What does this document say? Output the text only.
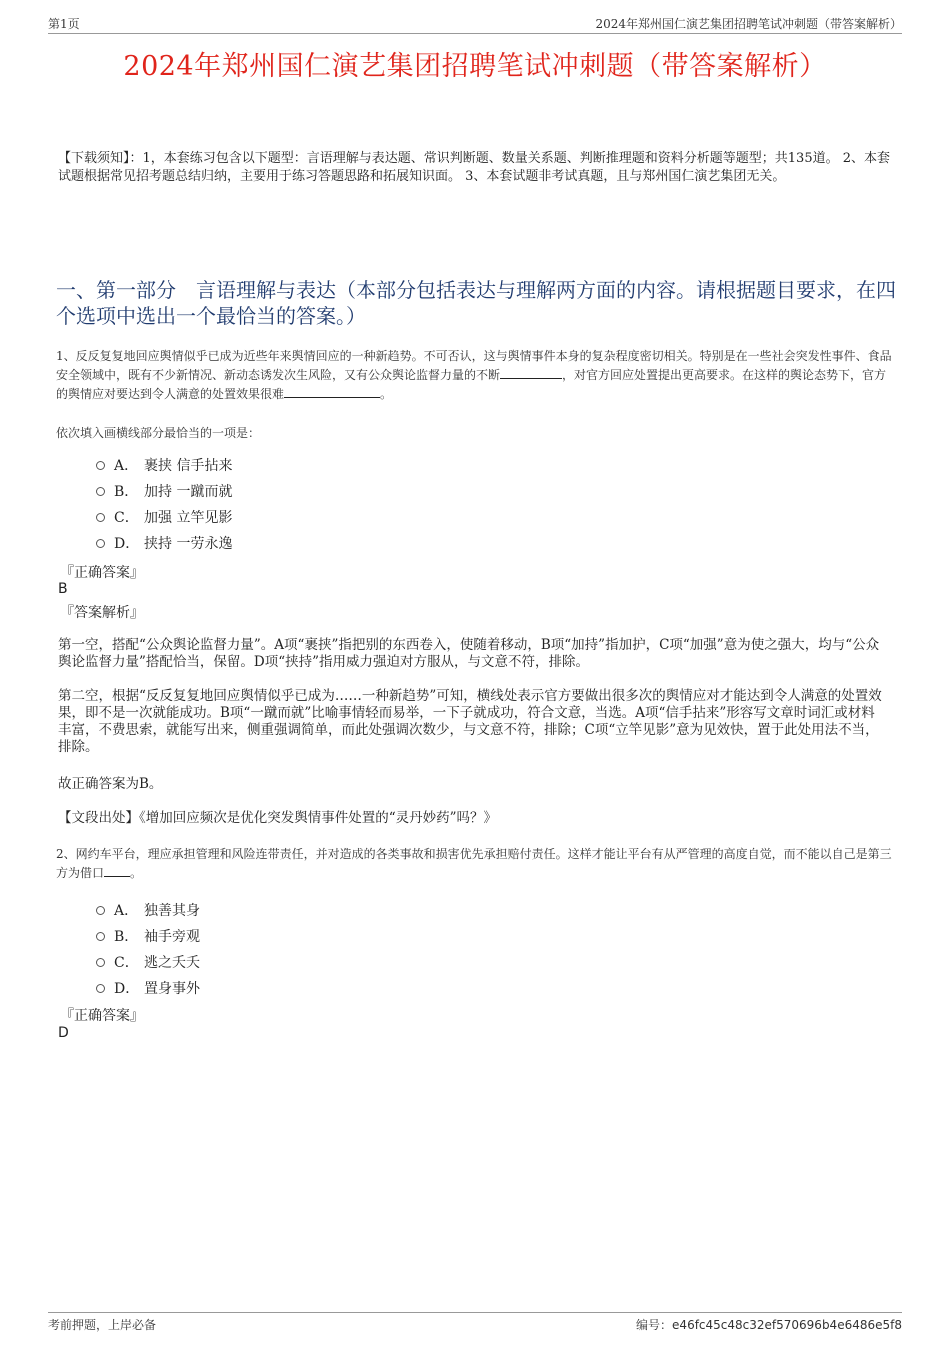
第1页	2024年郑州国仁演艺集团招聘笔试冲刺题（带答案解析）
2024年郑州国仁演艺集团招聘笔试冲刺题（带答案解析）
【下载须知】：1，本套练习包含以下题型：言语理解与表达题、常识判断题、数量关系题、判断推理题和资料分析题等题型；共135道。 2、本套试题根据常见招考题总结归纳，主要用于练习答题思路和拓展知识面。 3、本套试题非考试真题，且与郑州国仁演艺集团无关。
一、第一部分　言语理解与表达（本部分包括表达与理解两方面的内容。请根据题目要求，在四个选项中选出一个最恰当的答案。）
1、反反复复地回应舆情似乎已成为近些年来舆情回应的一种新趋势。不可否认，这与舆情事件本身的复杂程度密切相关。特别是在一些社会突发性事件、食品安全领域中，既有不少新情况、新动态诱发次生风险，又有公众舆论监督力量的不断	，对官方回应处置提出更高要求。在这样的舆论态势下，官方的舆情应对要达到令人满意的处置效果很难	。
依次填入画横线部分最恰当的一项是：
A． 裹挟 信手拈来
B． 加持 一蹴而就
C． 加强 立竿见影
D． 挟持 一劳永逸
『正确答案』
B
『答案解析』
第一空，搭配“公众舆论监督力量”。A项“裹挟”指把别的东西卷入，使随着移动，B项“加持”指加护，C项“加强”意为使之强大，均与“公众舆论监督力量”搭配恰当，保留。D项“挟持”指用威力强迫对方服从，与文意不符，排除。
第二空，根据“反反复复地回应舆情似乎已成为……一种新趋势”可知，横线处表示官方要做出很多次的舆情应对才能达到令人满意的处置效果，即不是一次就能成功。B项“一蹴而就”比喻事情轻而易举，一下子就成功，符合文意，当选。A项“信手拈来”形容写文章时词汇或材料丰富，不费思索，就能写出来，侧重强调简单，而此处强调次数少，与文意不符，排除；C项“立竿见影”意为见效快，置于此处用法不当，排除。
故正确答案为B。
【文段出处】《增加回应频次是优化突发舆情事件处置的“灵丹妙药”吗？》
2、网约车平台，理应承担管理和风险连带责任，并对造成的各类事故和损害优先承担赔付责任。这样才能让平台有从严管理的高度自觉，而不能以自己是第三方为借口 。
A． 独善其身
B． 袖手旁观
C． 逃之夭夭
D． 置身事外
『正确答案』
D
考前押题，上岸必备	编号：e46fc45c48c32ef570696b4e6486e5f8
